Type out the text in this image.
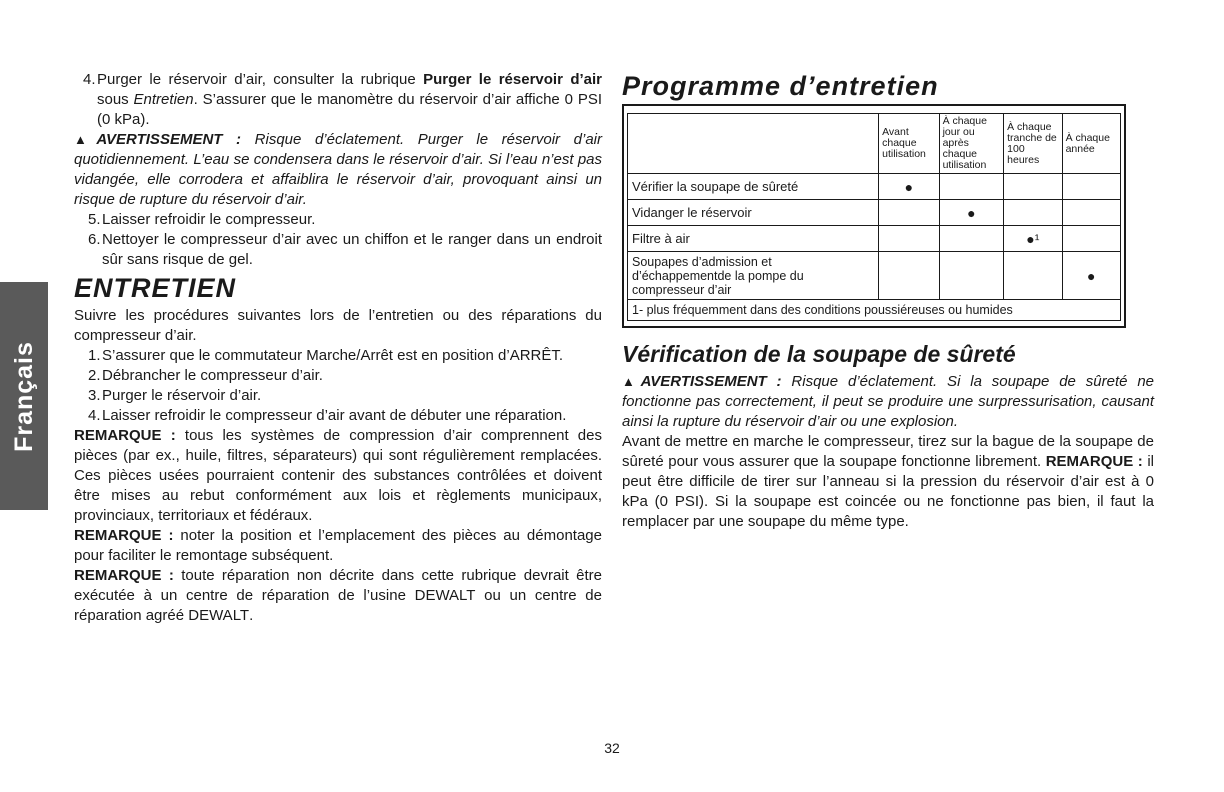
Français
4. Purger le réservoir d’air, consulter la rubrique Purger le réservoir d’air sous Entretien. S’assurer que le manomètre du réservoir d’air affiche 0 PSI (0 kPa).

▲AVERTISSEMENT : Risque d’éclatement. Purger le réservoir d’air quotidiennement. L’eau se condensera dans le réservoir d’air. Si l’eau n’est pas vidangée, elle corrodera et affaiblira le réservoir d’air, provoquant ainsi un risque de rupture du réservoir d’air.

5. Laisser refroidir le compresseur.

6. Nettoyer le compresseur d’air avec un chiffon et le ranger dans un endroit sûr sans risque de gel.

ENTRETIEN

Suivre les procédures suivantes lors de l’entretien ou des réparations du compresseur d’air.

1. S’assurer que le commutateur Marche/Arrêt est en position d’ARRÊT.

2. Débrancher le compresseur d’air.

3. Purger le réservoir d’air.

4. Laisser refroidir le compresseur d’air avant de débuter une réparation.

REMARQUE : tous les systèmes de compression d’air comprennent des pièces (par ex., huile, filtres, séparateurs) qui sont régulièrement remplacées. Ces pièces usées pourraient contenir des substances contrôlées et doivent être mises au rebut conformément aux lois et règlements municipaux, provinciaux, territoriaux et fédéraux.

REMARQUE : noter la position et l’emplacement des pièces au démontage pour faciliter le remontage subséquent.

REMARQUE : toute réparation non décrite dans cette rubrique devrait être exécutée à un centre de réparation de l’usine DEWALT ou un centre de réparation agréé DEWALT.

Programme d’entretien
	Avant chaque utilisation	À chaque jour ou après chaque utilisation	À chaque tranche de 100 heures	À chaque année
Vérifier la soupape de sûreté	●			
Vidanger le réservoir		●		
Filtre à air			●¹	
Soupapes d’admission et d’échappementde la pompe du compresseur d’air				●
1- plus fréquemment dans des conditions poussiéreuses ou humides				
Vérification de la soupape de sûreté

▲AVERTISSEMENT : Risque d’éclatement. Si la soupape de sûreté ne fonctionne pas correctement, il peut se produire une surpressurisation, causant ainsi la rupture du réservoir d’air ou une explosion.

Avant de mettre en marche le compresseur, tirez sur la bague de la soupape de sûreté pour vous assurer que la soupape fonctionne librement. REMARQUE : il peut être difficile de tirer sur l’anneau si la pression du réservoir d’air est à 0 kPa (0 PSI). Si la soupape est coincée ou ne fonctionne pas bien, il faut la remplacer par une soupape du même type.

32
